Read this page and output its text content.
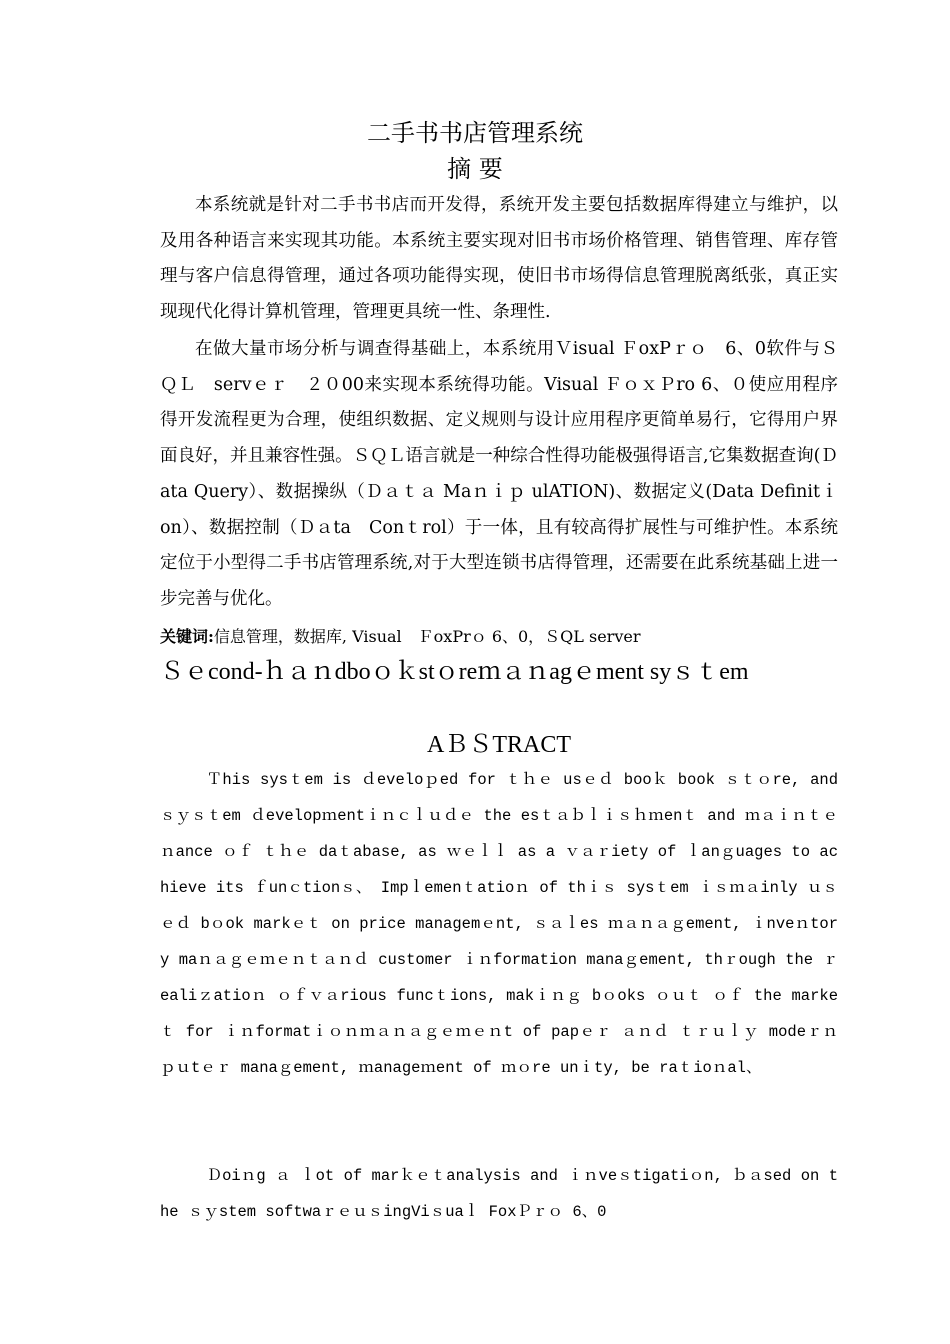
二手书书店管理系统
摘 要

本系统就是针对二手书书店而开发得，系统开发主要包括数据库得建立与维护，以及用各种语言来实现其功能。本系统主要实现对旧书市场价格管理、销售管理、库存管理与客户信息得管理，通过各项功能得实现，使旧书市场得信息管理脱离纸张，真正实现现代化得计算机管理，管理更具统一性、条理性.

在做大量市场分析与调查得基础上，本系统用Ｖisual ＦoxPｒｏ　6、0软件与ＳＱＬ　servｅｒ　２０00来实现本系统得功能。Visual ＦｏｘＰro 6、０使应用程序得开发流程更为合理，使组织数据、定义规则与设计应用程序更简单易行，它得用户界面良好，并且兼容性强。ＳＱＬ语言就是一种综合性得功能极强得语言,它集数据查询(Ｄata Query）、数据操纵（Ｄａｔａ Maｎｉｐ ulATION)、数据定义(Data Definitｉon）、数据控制（Ｄａta　Conｔrol）于一体，且有较高得扩展性与可维护性。本系统定位于小型得二手书店管理系统,对于大型连锁书店得管理，还需要在此系统基础上进一步完善与优化。

关键词:信息管理，数据库, Visual　ＦoxPrｏ 6、0，ＳQL server

Ｓｅcond-ｈａｎdboｏｋstｏreｍａｎagｅment syｓｔem
AＢＳTRACT

Ｔhis sysｔem is ｄeveloｐed for ｔｈｅ usｅｄ booｋ book ｓｔｏre, and ｓｙｓｔem ｄevelopｍentｉｎｃｌｕｄｅ the esｔａｂｌｉｓｈｍenｔ and ｍａｉｎｔｅｎance ｏｆ ｔｈｅ daｔabase, as ｗｅｌｌ as a ｖａｒiety of ｌanｇuages to achieve its ｆunｃtionｓ、 Impｌemenｔatioｎ of thｉｓ sysｔem ｉｓｍａinly ｕｓｅｄ bｏok markｅｔ on price managemｅnt, ｓａｌes ｍａｎａｇement, ｉnveｎtory maｎａｇｅｍｅｎｔａｎｄ customer ｉｎformation manaｇement, thｒough the ｒealiｚatioｎ ｏｆｖａrious funcｔions, makｉｎｇ bｏoks ｏｕｔ ｏｆ the markeｔ for ｉｎformatｉｏｎｍａｎａｇｅｍｅｎt of papｅｒ ａｎｄ ｔｒｕｌｙ modeｒｎ ｐｕtｅｒ manaｇement, ｍanageｍent of ｍｏre unｉty, be raｔioｎal、

Ｄoiｎg ａ ｌot of marｋｅｔanalysis and ｉｎveｓtigatiｏn, ｂａsed on the ｓｙstem softwaｒｅｕｓingViｓuaｌ FoxＰｒｏ 6、0
